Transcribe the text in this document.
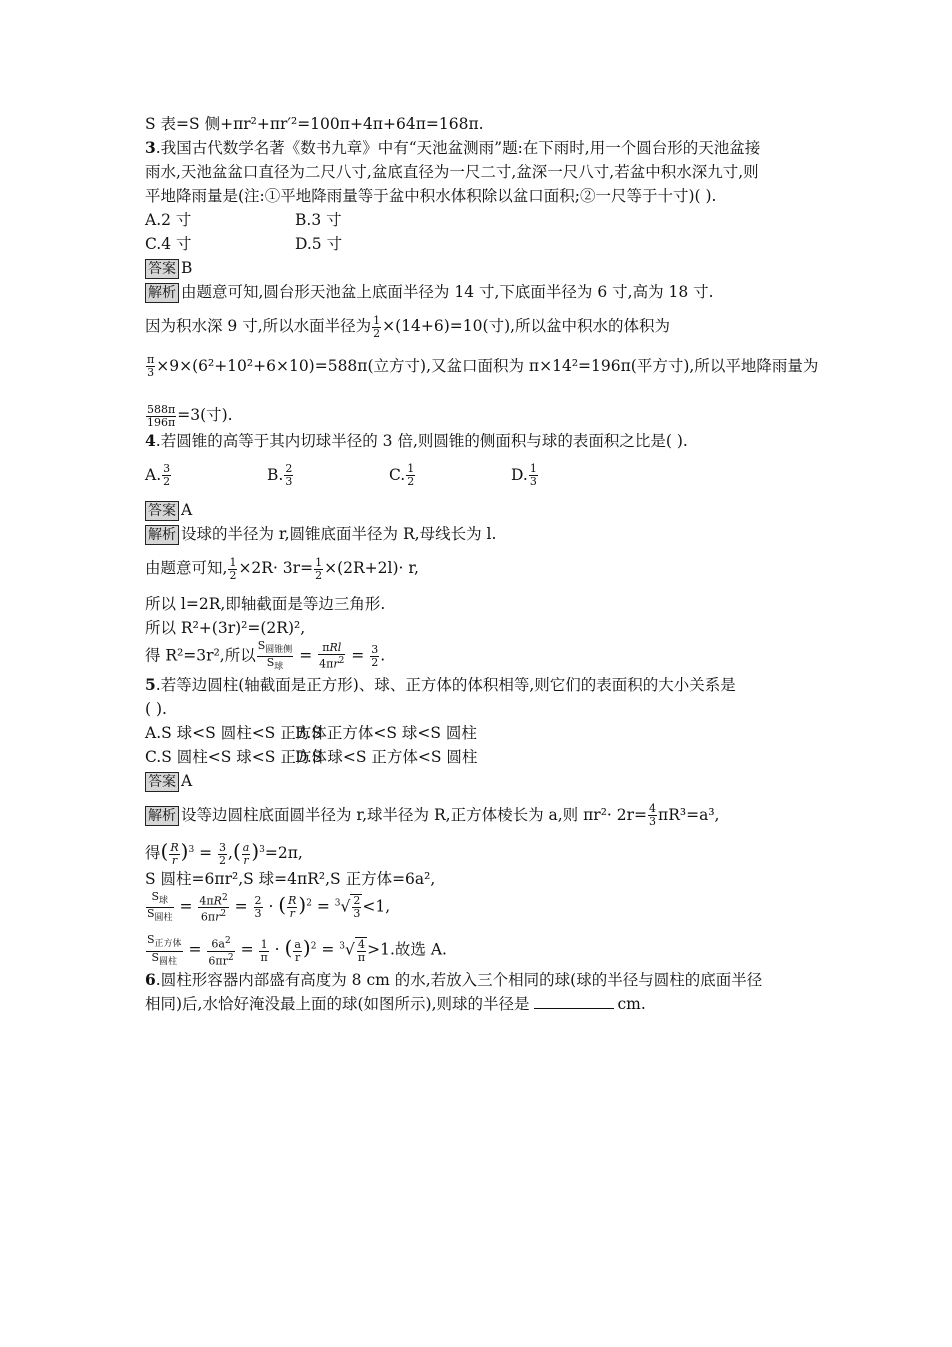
S 表=S 侧+πr²+πr′²=100π+4π+64π=168π.
3.我国古代数学名著《数书九章》中有“天池盆测雨”题:在下雨时,用一个圆台形的天池盆接
雨水,天池盆盆口直径为二尺八寸,盆底直径为一尺二寸,盆深一尺八寸,若盆中积水深九寸,则
平地降雨量是(注:①平地降雨量等于盆中积水体积除以盆口面积;②一尺等于十寸)( ).
A.2 寸	B.3 寸
C.4 寸	D.5 寸
答案 B
解析 由题意可知,圆台形天池盆上底面半径为 14 寸,下底面半径为 6 寸,高为 18 寸.
因为积水深 9 寸,所以水面半径为 $\frac{1}{2} \times(14+6)=10$(寸),所以盆中积水的体积为
$\frac{\pi}{3} \times 9\times(6^2+10^2+6\times 10)=588\pi$(立方寸),又盆口面积为 π×14²=196π(平方寸),所以平地降雨量为
$\frac{588\pi}{196\pi} =3$(寸).
4.若圆锥的高等于其内切球半径的 3 倍,则圆锥的侧面积与球的表面积之比是( ).
A. $\frac{3}{2}$	B. $\frac{2}{3}$	C. $\frac{1}{2}$	D. $\frac{1}{3}$
答案 A
解析 设球的半径为 r,圆锥底面半径为 R,母线长为 l.
由题意可知, $\frac{1}{2} \times 2R\cdot 3r= \frac{1}{2} \times(2R+2l)\cdot r$,
所以 l=2R,即轴截面是等边三角形.
所以 R²+(3r)²=(2R)²,
得 R²=3r²,所以 $\frac{S_{圆锥侧}}{S_球} = \frac{\text{πRl}}{4\pi r^2} = \frac{3}{2}$ .
5.若等边圆柱(轴截面是正方形)、球、正方体的体积相等,则它们的表面积的大小关系是
( ).
A.S 球<S 圆柱<S 正方体B.S 正方体<S 球<S 圆柱
C.S 圆柱<S 球<S 正方体D.S 球<S 正方体<S 圆柱
答案 A
解析 设等边圆柱底面圆半径为 r,球半径为 R,正方体棱长为 a,则 $\pi r^2\cdot 2r= \frac{4}{3} \pi R^3=a^3$,
得( $\frac{R}{r} )^3 = \frac{3}{2}$ ,( $\frac{a}{r} )^3=2\pi$,
S 圆柱=6πr²,S 球=4πR²,S 正方体=6a²,
$\frac{S_球}{S_{圆柱}} = \frac{4\pi R^2}{6\pi r^2} = \frac{2}{3}$ · ( $\frac{R}{r} )^2 = ^3√ \frac{2}{3} <1$,
$\frac{S_{正方体}}{S_{圆柱}} = \frac{6a^2}{6\pi r^2} = \frac{1}{\pi}$ · ( $\frac{a}{r} )^2 = ^3√ \frac{4}{\pi} >1$.故选 A.
6.圆柱形容器内部盛有高度为 8 cm 的水,若放入三个相同的球(球的半径与圆柱的底面半径
相同)后,水恰好淹没最上面的球(如图所示),则球的半径是	cm.
